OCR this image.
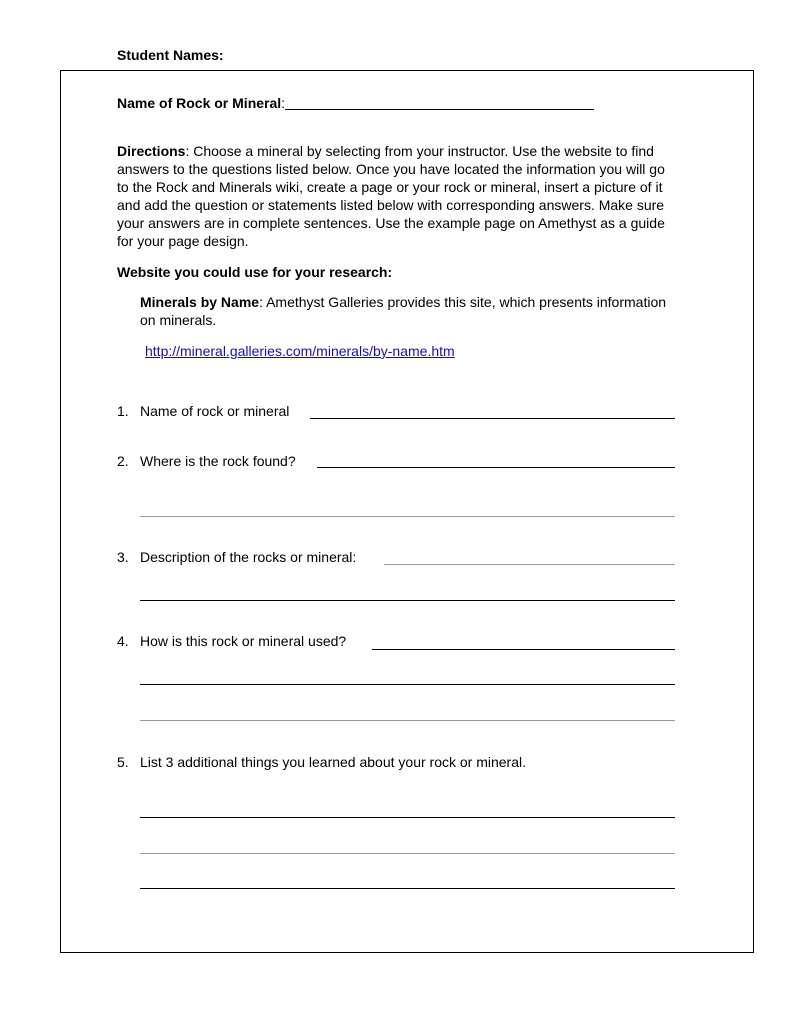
Student Names:
Name of Rock or Mineral:
Directions: Choose a mineral by selecting from your instructor. Use the website to find answers to the questions listed below. Once you have located the information you will go to the Rock and Minerals wiki, create a page or your rock or mineral, insert a picture of it and add the question or statements listed below with corresponding answers. Make sure your answers are in complete sentences. Use the example page on Amethyst as a guide for your page design.
Website you could use for your research:
Minerals by Name: Amethyst Galleries provides this site, which presents information on minerals.
http://mineral.galleries.com/minerals/by-name.htm
1. Name of rock or mineral
2. Where is the rock found?
3. Description of the rocks or mineral:
4. How is this rock or mineral used?
5. List 3 additional things you learned about your rock or mineral.
